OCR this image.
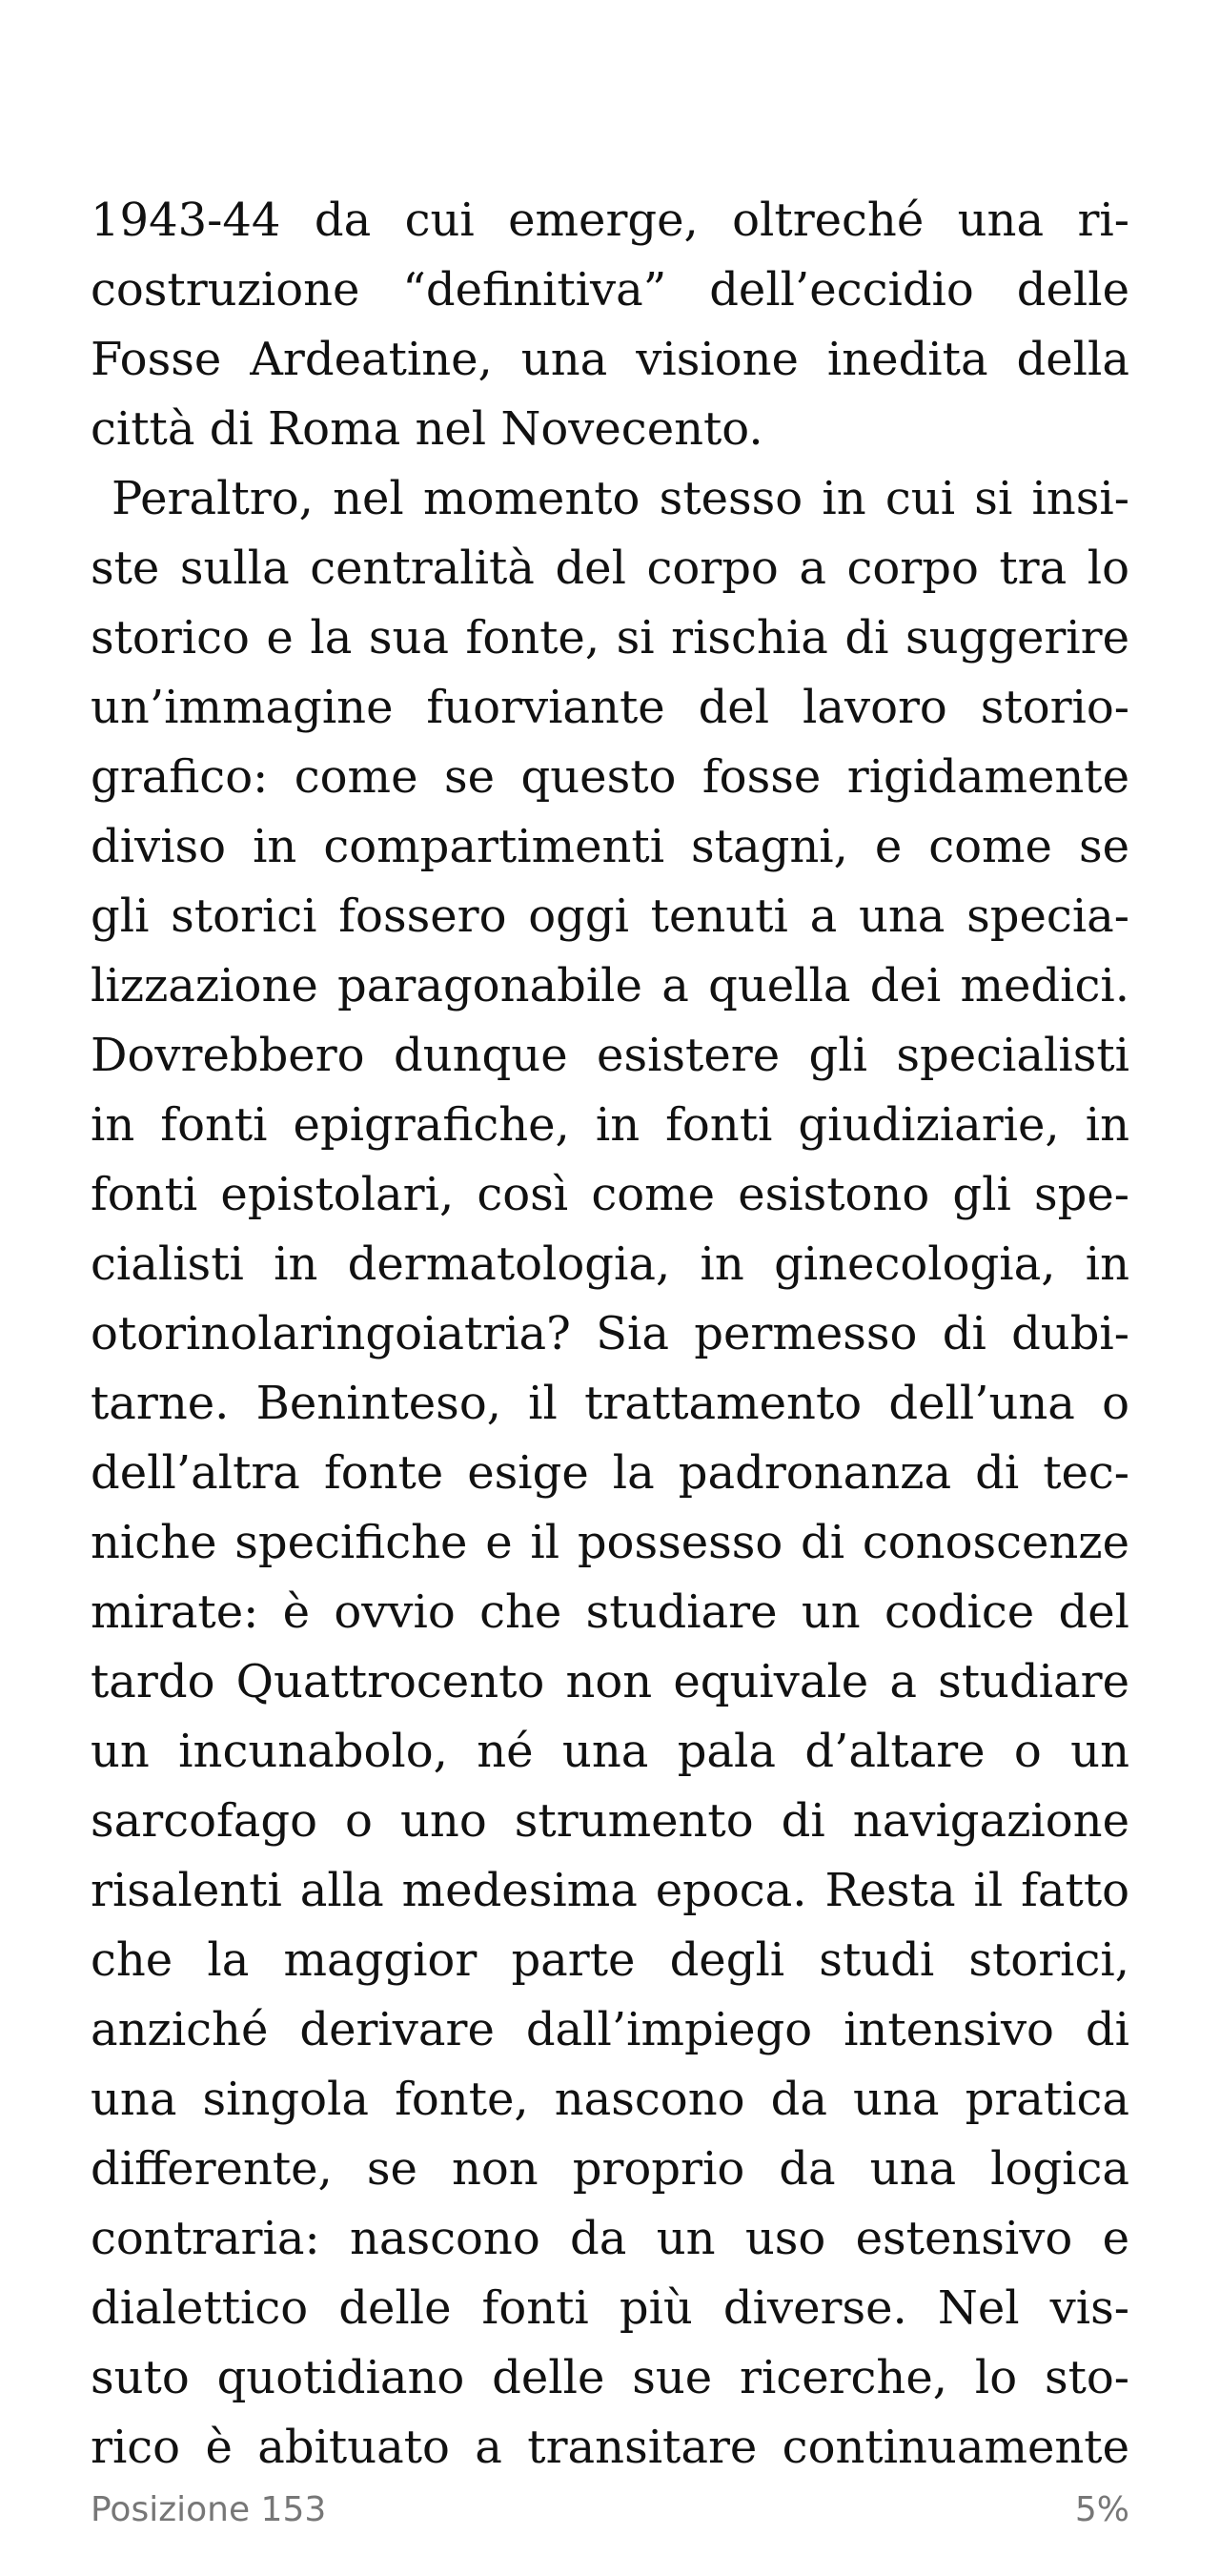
1943-44 da cui emerge, oltreché una ri-
costruzione “definitiva” dell’eccidio delle
Fosse Ardeatine, una visione inedita della
città di Roma nel Novecento.
Peraltro, nel momento stesso in cui si insi-
ste sulla centralità del corpo a corpo tra lo
storico e la sua fonte, si rischia di suggerire
un’immagine fuorviante del lavoro storio-
grafico: come se questo fosse rigidamente
diviso in compartimenti stagni, e come se
gli storici fossero oggi tenuti a una specia-
lizzazione paragonabile a quella dei medici.
Dovrebbero dunque esistere gli specialisti
in fonti epigrafiche, in fonti giudiziarie, in
fonti epistolari, così come esistono gli spe-
cialisti in dermatologia, in ginecologia, in
otorinolaringoiatria? Sia permesso di dubi-
tarne. Beninteso, il trattamento dell’una o
dell’altra fonte esige la padronanza di tec-
niche specifiche e il possesso di conoscenze
mirate: è ovvio che studiare un codice del
tardo Quattrocento non equivale a studiare
un incunabolo, né una pala d’altare o un
sarcofago o uno strumento di navigazione
risalenti alla medesima epoca. Resta il fatto
che la maggior parte degli studi storici,
anziché derivare dall’impiego intensivo di
una singola fonte, nascono da una pratica
differente, se non proprio da una logica
contraria: nascono da un uso estensivo e
dialettico delle fonti più diverse. Nel vis-
suto quotidiano delle sue ricerche, lo sto-
rico è abituato a transitare continuamente
Posizione 153	5%
